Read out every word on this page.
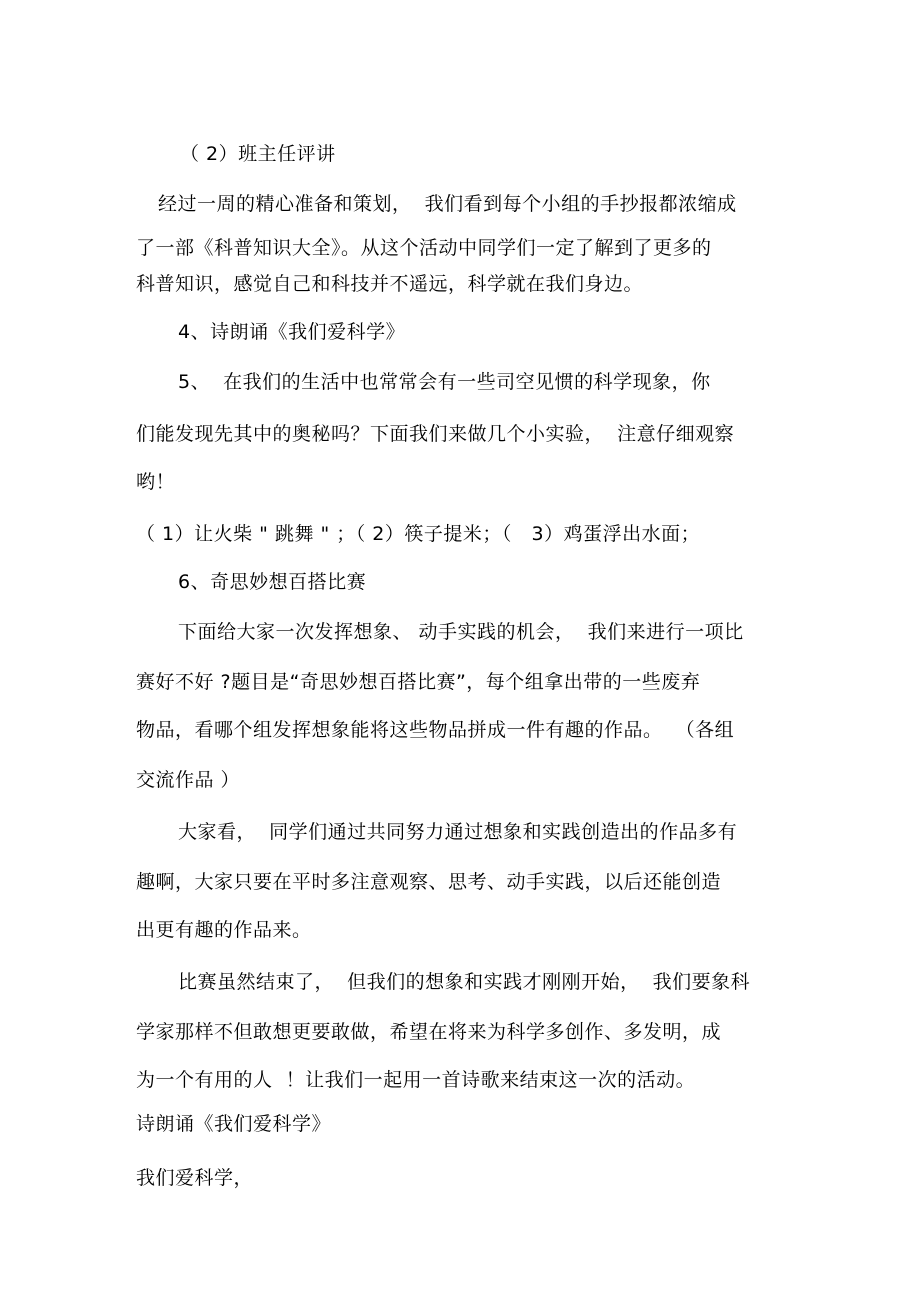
（ 2）班主任评讲
经过一周的精心准备和策划，  我们看到每个小组的手抄报都浓缩成
了一部《科普知识大全》。从这个活动中同学们一定了解到了更多的
科普知识，感觉自己和科技并不遥远，科学就在我们身边。
4、诗朗诵《我们爱科学》
5、  在我们的生活中也常常会有一些司空见惯的科学现象，你
们能发现先其中的奥秘吗？下面我们来做几个小实验，  注意仔细观察
哟！
（ 1）让火柴 " 跳舞 " ；（ 2）筷子提米；（   3）鸡蛋浮出水面；
6、奇思妙想百搭比赛
下面给大家一次发挥想象、 动手实践的机会，  我们来进行一项比
赛好不好 ?题目是“奇思妙想百搭比赛”，每个组拿出带的一些废弃
物品，看哪个组发挥想象能将这些物品拼成一件有趣的作品。  （各组
交流作品 ）
大家看，  同学们通过共同努力通过想象和实践创造出的作品多有
趣啊，大家只要在平时多注意观察、思考、动手实践，以后还能创造
出更有趣的作品来。
比赛虽然结束了，  但我们的想象和实践才刚刚开始，  我们要象科
学家那样不但敢想更要敢做，希望在将来为科学多创作、多发明，成
为一个有用的人  ！让我们一起用一首诗歌来结束这一次的活动。
诗朗诵《我们爱科学》
我们爱科学，
